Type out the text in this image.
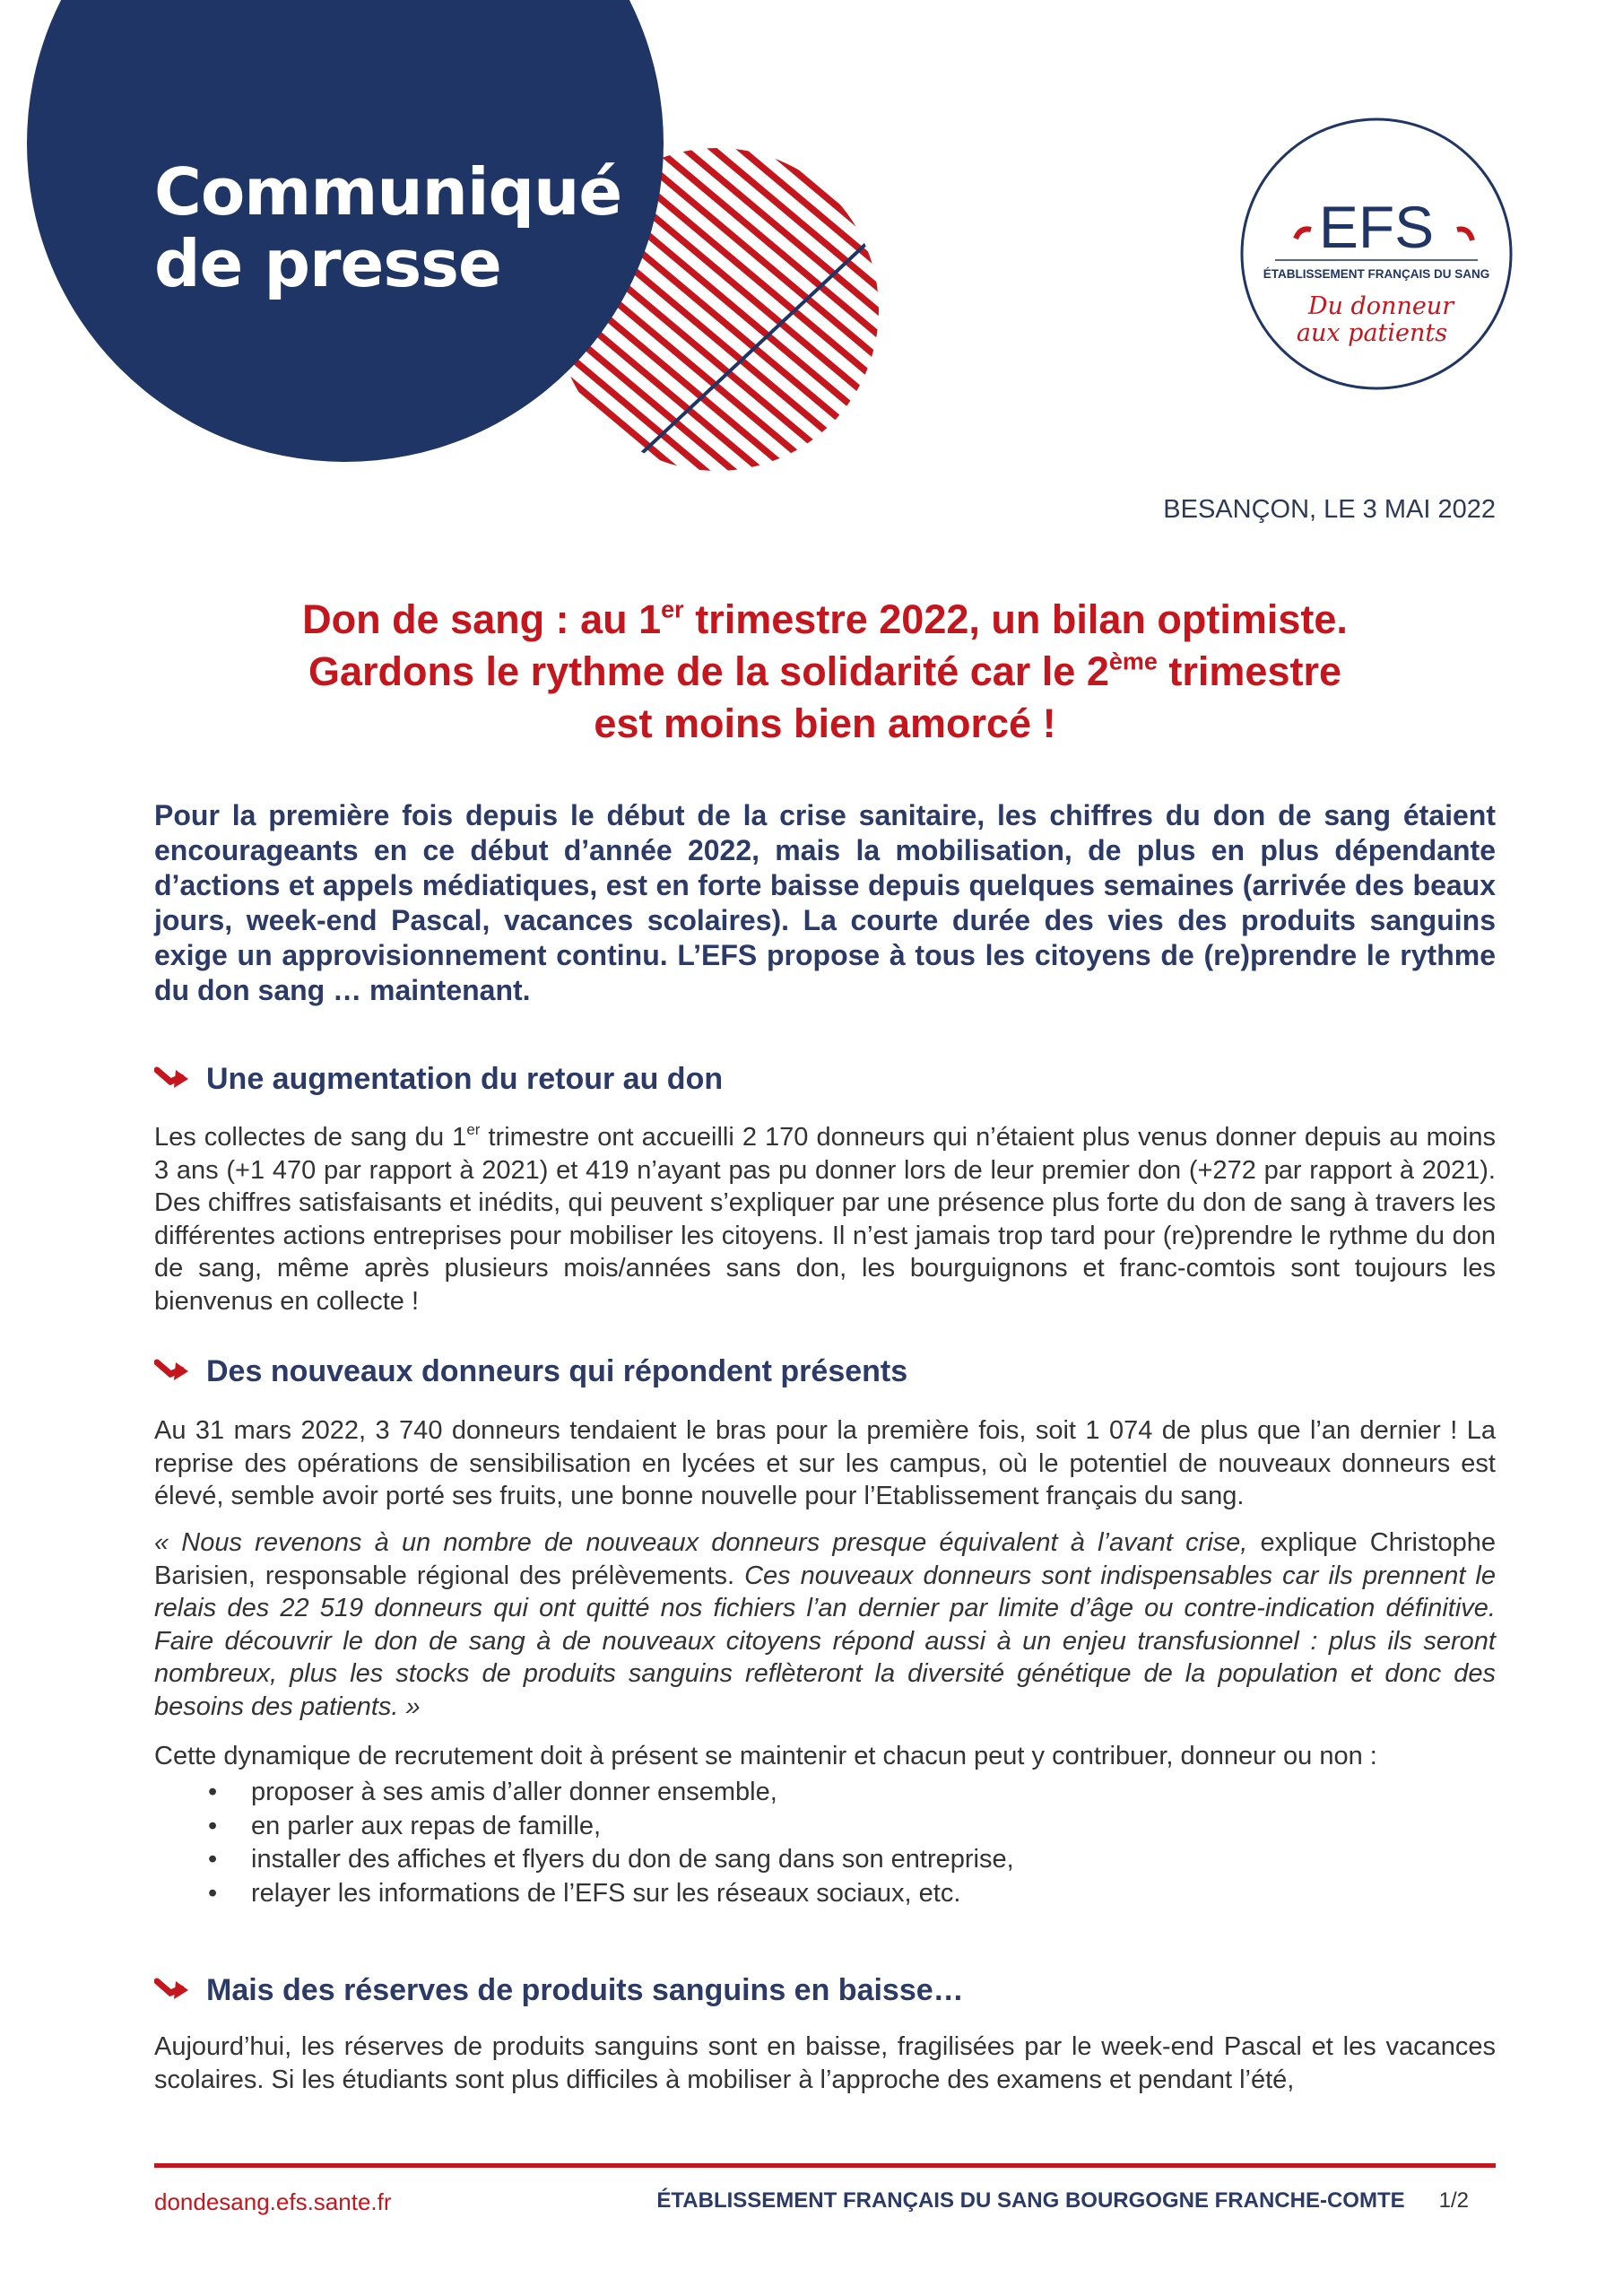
Communiqué
de presse	EFS
ÉTABLISSEMENT FRANÇAIS DU SANG
Du donneur
aux patients
BESANÇON, LE 3 MAI 2022
Don de sang : au 1er trimestre 2022, un bilan optimiste.
Gardons le rythme de la solidarité car le 2ème trimestre
est moins bien amorcé !
Pour la première fois depuis le début de la crise sanitaire, les chiffres du don de sang étaient encourageants en ce début d’année 2022, mais la mobilisation, de plus en plus dépendante d’actions et appels médiatiques, est en forte baisse depuis quelques semaines (arrivée des beaux jours, week-end Pascal, vacances scolaires). La courte durée des vies des produits sanguins exige un approvisionnement continu. L’EFS propose à tous les citoyens de (re)prendre le rythme du don sang … maintenant.
Une augmentation du retour au don
Les collectes de sang du 1er trimestre ont accueilli 2 170 donneurs qui n’étaient plus venus donner depuis au moins 3 ans (+1 470 par rapport à 2021) et 419 n’ayant pas pu donner lors de leur premier don (+272 par rapport à 2021). Des chiffres satisfaisants et inédits, qui peuvent s’expliquer par une présence plus forte du don de sang à travers les différentes actions entreprises pour mobiliser les citoyens. Il n’est jamais trop tard pour (re)prendre le rythme du don de sang, même après plusieurs mois/années sans don, les bourguignons et franc-comtois sont toujours les bienvenus en collecte !
Des nouveaux donneurs qui répondent présents
Au 31 mars 2022, 3 740 donneurs tendaient le bras pour la première fois, soit 1 074 de plus que l’an dernier ! La reprise des opérations de sensibilisation en lycées et sur les campus, où le potentiel de nouveaux donneurs est élevé, semble avoir porté ses fruits, une bonne nouvelle pour l’Etablissement français du sang.
« Nous revenons à un nombre de nouveaux donneurs presque équivalent à l’avant crise, explique Christophe Barisien, responsable régional des prélèvements. Ces nouveaux donneurs sont indispensables car ils prennent le relais des 22 519 donneurs qui ont quitté nos fichiers l’an dernier par limite d’âge ou contre-indication définitive. Faire découvrir le don de sang à de nouveaux citoyens répond aussi à un enjeu transfusionnel : plus ils seront nombreux, plus les stocks de produits sanguins reflèteront la diversité génétique de la population et donc des besoins des patients. »
Cette dynamique de recrutement doit à présent se maintenir et chacun peut y contribuer, donneur ou non :
• proposer à ses amis d’aller donner ensemble,
• en parler aux repas de famille,
• installer des affiches et flyers du don de sang dans son entreprise,
• relayer les informations de l’EFS sur les réseaux sociaux, etc.
Mais des réserves de produits sanguins en baisse…
Aujourd’hui, les réserves de produits sanguins sont en baisse, fragilisées par le week-end Pascal et les vacances scolaires. Si les étudiants sont plus difficiles à mobiliser à l’approche des examens et pendant l’été,
dondesang.efs.sante.fr	ÉTABLISSEMENT FRANÇAIS DU SANG BOURGOGNE FRANCHE-COMTE 1/2
